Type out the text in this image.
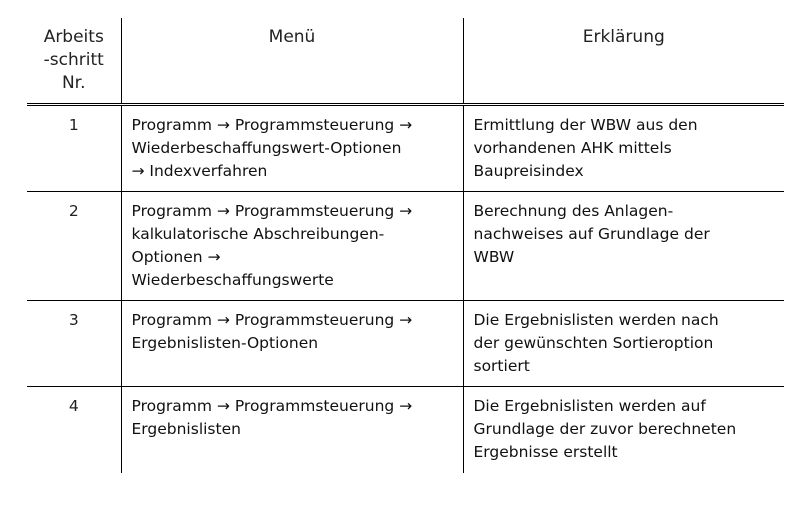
Arbeits
-schritt
Nr.	Menü	Erklärung
1	Programm → Programmsteuerung →
Wiederbeschaffungswert-Optionen
→ Indexverfahren	Ermittlung der WBW aus den
vorhandenen AHK mittels
Baupreisindex

2	Programm → Programmsteuerung →
kalkulatorische Abschreibungen-
Optionen →
Wiederbeschaffungswerte	Berechnung des Anlagen-
nachweises auf Grundlage der
WBW

3	Programm → Programmsteuerung →
Ergebnislisten-Optionen	Die Ergebnislisten werden nach
der gewünschten Sortieroption
sortiert

4	Programm → Programmsteuerung →
Ergebnislisten	Die Ergebnislisten werden auf
Grundlage der zuvor berechneten
Ergebnisse erstellt
